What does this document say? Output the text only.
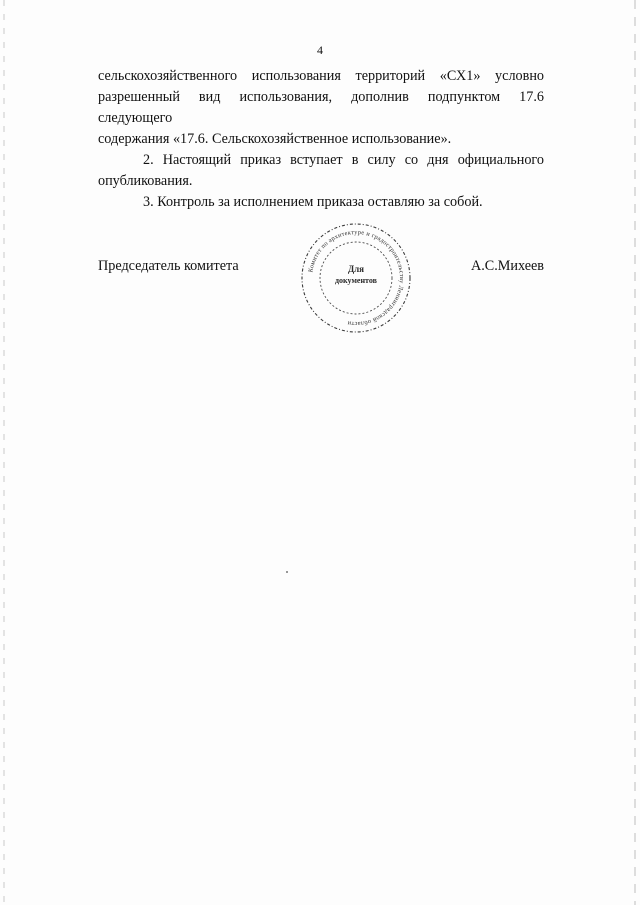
4

сельскохозяйственного использования территорий «СХ1» условно
разрешенный вид использования, дополнив подпунктом 17.6 следующего
содержания «17.6. Сельскохозяйственное использование».

2. Настоящий приказ вступает в силу со дня официального
опубликования.

3. Контроль за исполнением приказа оставляю за собой.

Председатель комитета	А.С.Михеев
Комитет по архитектуре и градостроительству Ленинградской области
Для
документов
